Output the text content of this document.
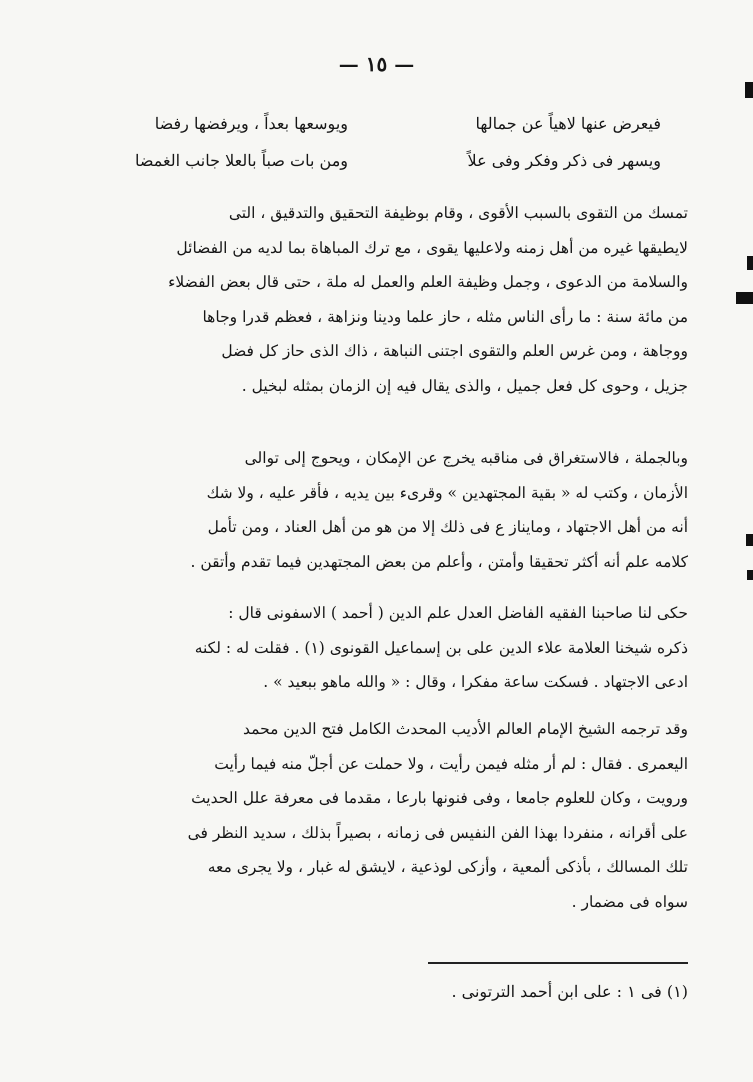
— ١٥ —
فيعرض عنها لاهياً عن جمالها
ويوسعها بعداً ، ويرفضها رفضا
ويسهر فى ذكر وفكر وفى علاً
ومن بات صباً بالعلا جانب الغمضا
تمسك من التقوى بالسبب الأقوى ، وقام بوظيفة التحقيق والتدقيق ، التى
لايطيقها غيره من أهل زمنه ولاعليها يقوى ، مع ترك المباهاة بما لديه من الفضائل
والسلامة من الدعوى ، وجمل وظيفة العلم والعمل له ملة ، حتى قال بعض الفضلاء
من مائة سنة : ما رأى الناس مثله ، حاز علما ودينا ونزاهة ، فعظم قدرا وجاها
ووجاهة ، ومن غرس العلم والتقوى اجتنى النباهة ، ذاك الذى حاز كل فضل
جزيل ، وحوى كل فعل جميل ، والذى يقال فيه إن الزمان بمثله لبخيل .
وبالجملة ، فالاستغراق فى مناقبه يخرج عن الإمكان ، ويحوج إلى توالى
الأزمان ، وكتب له « بقية المجتهدين » وقرىء بين يديه ، فأقر عليه ، ولا شك
أنه من أهل الاجتهاد ، ومايناز ع فى ذلك إلا من هو من أهل العناد ، ومن تأمل
كلامه علم أنه أكثر تحقيقا وأمتن ، وأعلم من بعض المجتهدين فيما تقدم وأتقن .
حكى لنا صاحبنا الفقيه الفاضل العدل علم الدين ( أحمد ) الاسفونى قال :
ذكره شيخنا العلامة علاء الدين على بن إسماعيل القونوى (١) . فقلت له : لكنه
ادعى الاجتهاد . فسكت ساعة مفكرا ، وقال : « والله ماهو ببعيد » .
وقد ترجمه الشيخ الإمام العالم الأديب المحدث الكامل فتح الدين محمد
اليعمرى . فقال : لم أر مثله فيمن رأيت ، ولا حملت عن أجلّ منه فيما رأيت
ورويت ، وكان للعلوم جامعا ، وفى فنونها بارعا ، مقدما فى معرفة علل الحديث
على أقرانه ، منفردا بهذا الفن النفيس فى زمانه ، بصيراً بذلك ، سديد النظر فى
تلك المسالك ، بأذكى ألمعية ، وأزكى لوذعية ، لايشق له غبار ، ولا يجرى معه
سواه فى مضمار .
(١) فى ١ : على ابن أحمد الترتونى .
